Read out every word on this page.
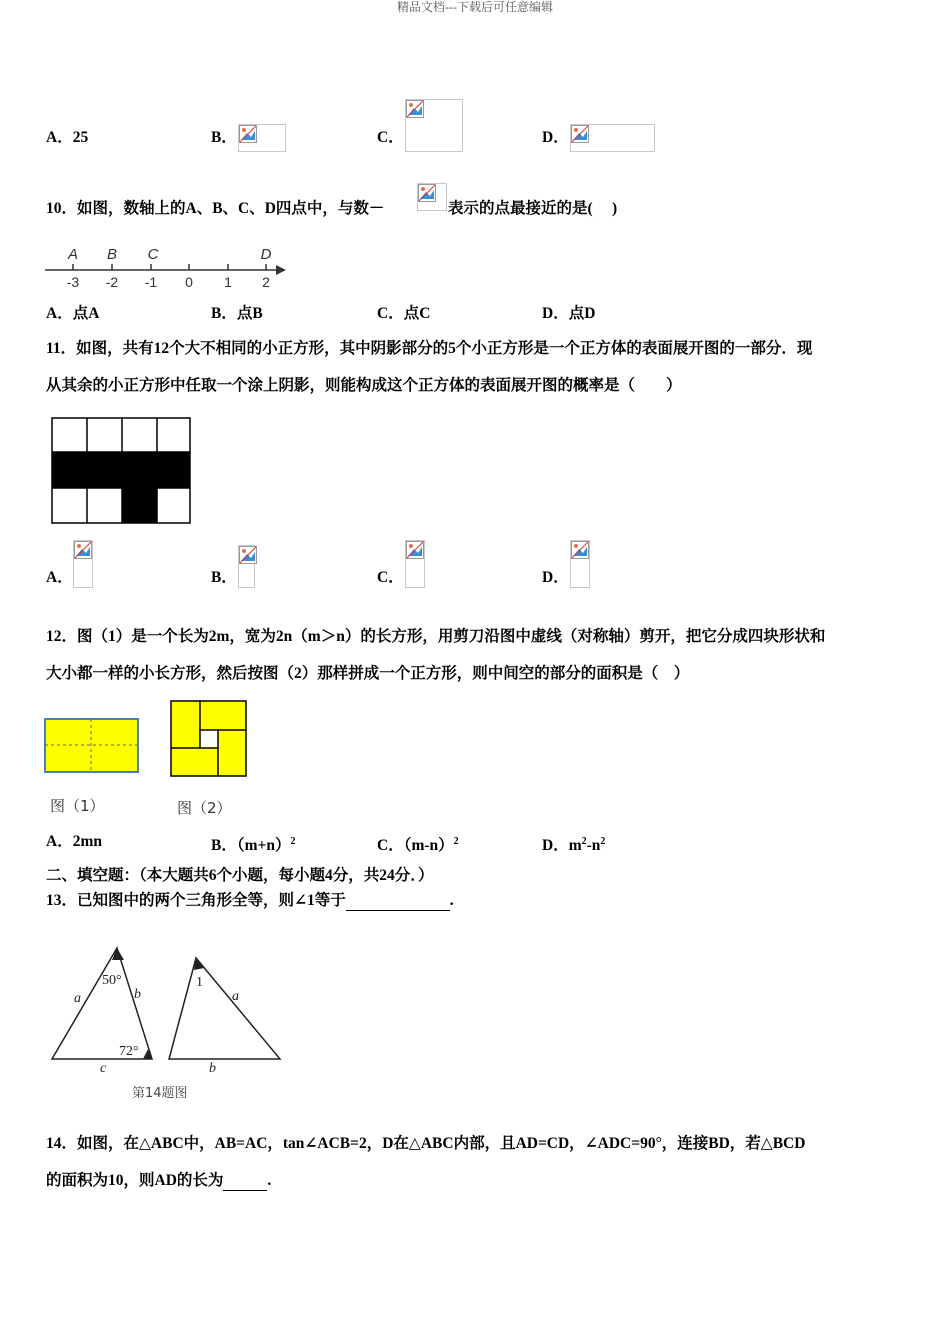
精品文档---下载后可任意编辑
A．25	B．	C．	D．
10．如图，数轴上的A、B、C、D四点中，与数－	表示的点最接近的是(　 )
A B C	D
-3 -2 -1 0 1 2
A．点A	B．点B	C．点C	D．点D
11．如图，共有12个大不相同的小正方形，其中阴影部分的5个小正方形是一个正方体的表面展开图的一部分．现
从其余的小正方形中任取一个涂上阴影，则能构成这个正方体的表面展开图的概率是（　　）
A．	B．	C．	D．
12．图（1）是一个长为2m，宽为2n（m＞n）的长方形，用剪刀沿图中虚线（对称轴）剪开，把它分成四块形状和
大小都一样的小长方形，然后按图（2）那样拼成一个正方形，则中间空的部分的面积是（　）
图（1）	图（2）
A．2mn	B．$(m+n)^2$	C．$(m-n)^2$	D．$m^2-n^2$
二、填空题：（本大题共6个小题，每小题4分，共24分．）
13．已知图中的两个三角形全等，则∠1等于	.
50°
a	b
72°
c
1
a
b
第14题图
14．如图，在△ABC中，AB=AC，tan∠ACB=2，D在△ABC内部，且AD=CD，∠ADC=90°，连接BD，若△BCD
的面积为10，则AD的长为	.
